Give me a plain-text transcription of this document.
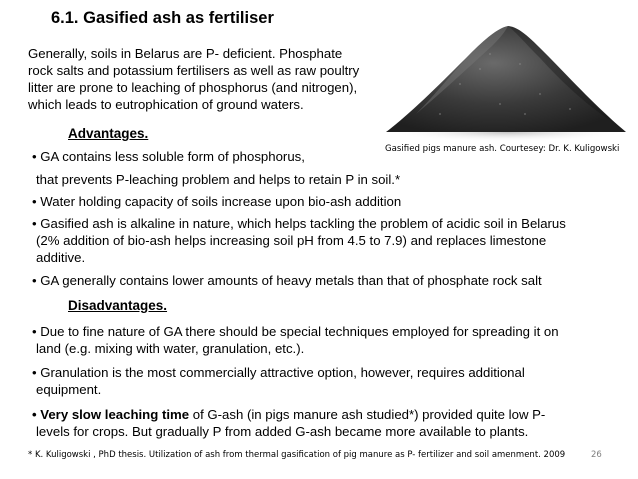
6.1. Gasified ash as fertiliser
Generally, soils in Belarus are P- deficient. Phosphate
rock salts and potassium fertilisers as well as raw poultry
litter are prone to leaching of phosphorus (and nitrogen),
which leads to eutrophication of ground waters.
Gasified pigs manure ash. Courtesey: Dr. K. Kuligowski
Advantages.
• GA contains less soluble form of phosphorus,
that prevents P-leaching problem and helps to retain P in soil.*
• Water holding capacity of soils increase upon bio-ash addition
• Gasified ash is alkaline in nature, which helps tackling the problem of acidic soil in Belarus
(2% addition of bio-ash helps increasing soil pH from 4.5 to 7.9) and replaces limestone
additive.
• GA generally contains lower amounts of heavy metals than that of phosphate rock salt
Disadvantages.
• Due to fine nature of GA there should be special techniques employed for spreading it on
land (e.g. mixing with water, granulation, etc.).
• Granulation is the most commercially attractive option, however, requires additional
equipment.
• Very slow leaching time of G-ash (in pigs manure ash studied*) provided quite low P-
levels for crops. But gradually P from added G-ash became more available to plants.
* K. Kuligowski , PhD thesis. Utilization of ash from thermal gasification of pig manure as P- fertilizer and soil amenment. 2009	26
